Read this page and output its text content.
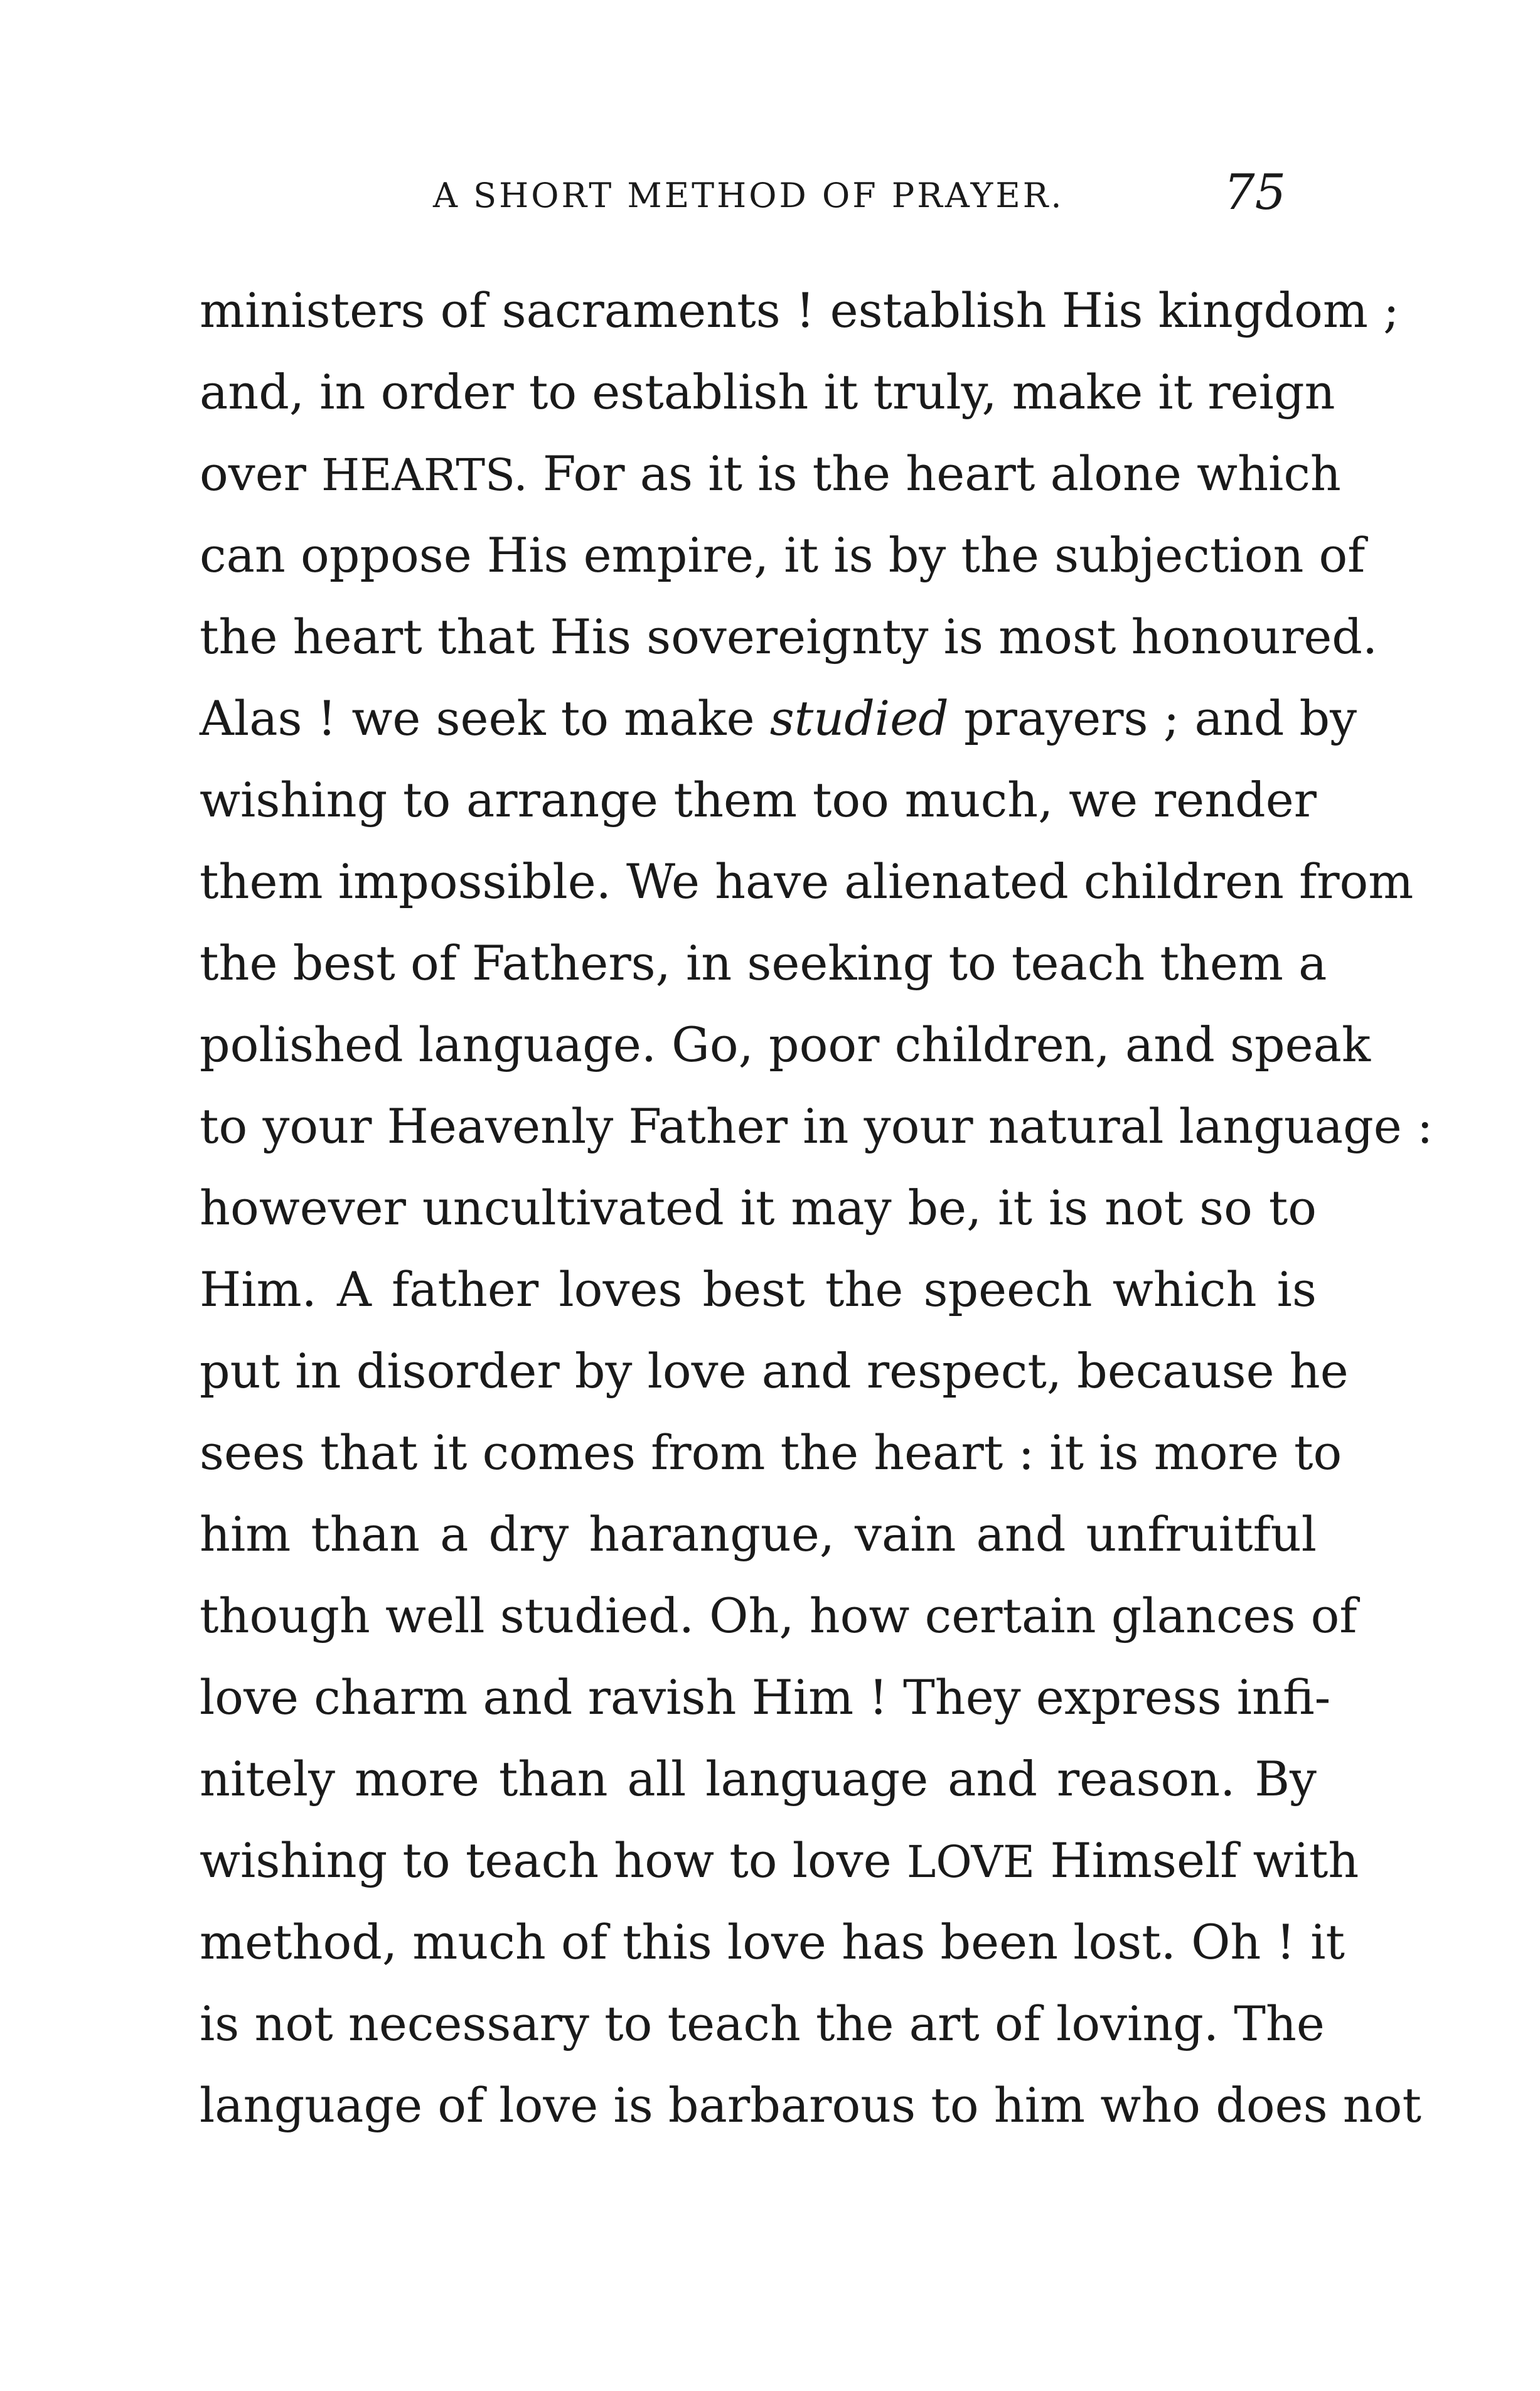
A SHORT METHOD OF PRAYER.	75
ministers of sacraments ! establish His kingdom ;
and, in order to establish it truly, make it reign
over HEARTS. For as it is the heart alone which
can oppose His empire, it is by the subjection of
the heart that His sovereignty is most honoured.
Alas ! we seek to make studied prayers ; and by
wishing to arrange them too much, we render
them impossible. We have alienated children from
the best of Fathers, in seeking to teach them a
polished language. Go, poor children, and speak
to your Heavenly Father in your natural language :
however uncultivated it may be, it is not so to
Him. A father loves best the speech which is
put in disorder by love and respect, because he
sees that it comes from the heart : it is more to
him than a dry harangue, vain and unfruitful
though well studied. Oh, how certain glances of
love charm and ravish Him ! They express infi-
nitely more than all language and reason. By
wishing to teach how to love LOVE Himself with
method, much of this love has been lost. Oh ! it
is not necessary to teach the art of loving. The
language of love is barbarous to him who does not
